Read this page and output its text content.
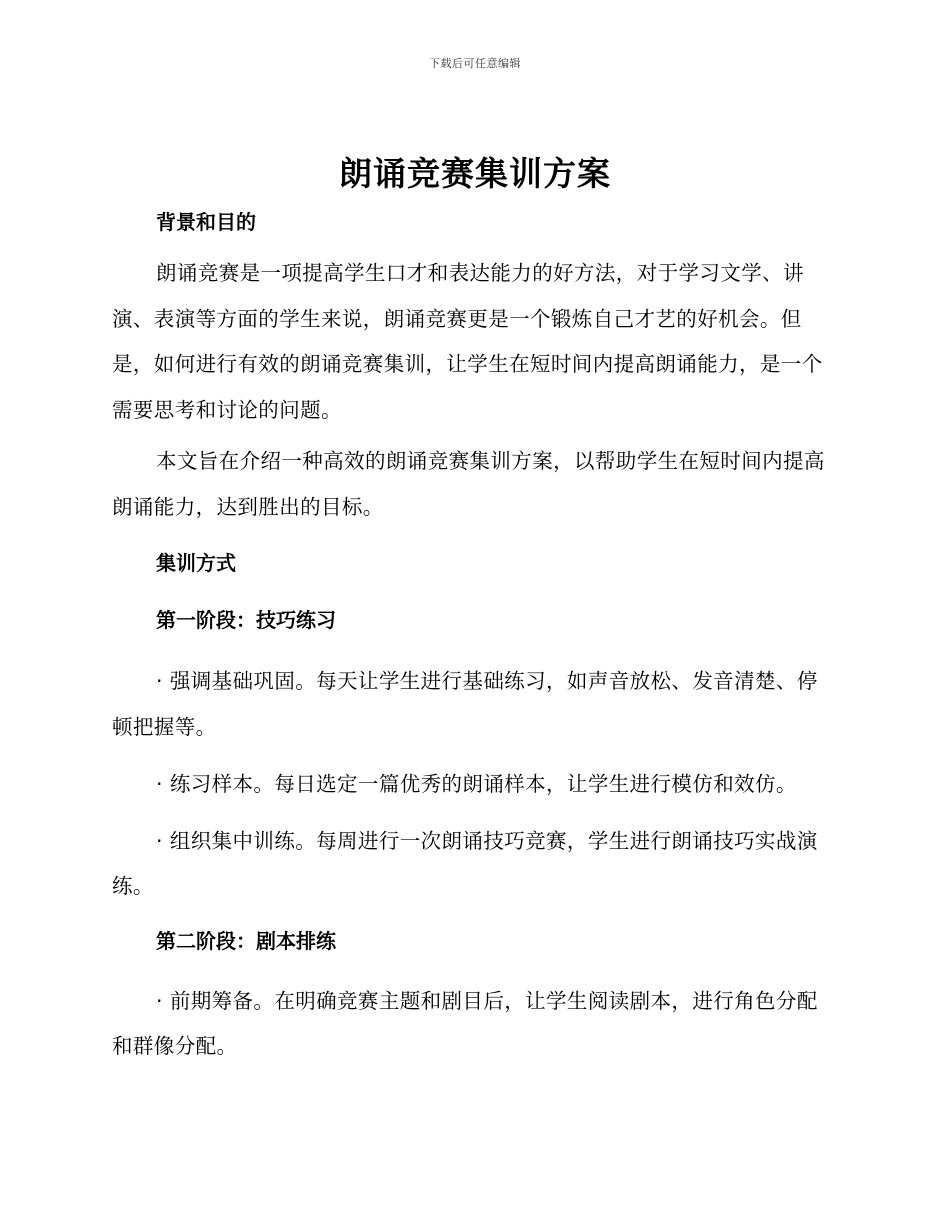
下载后可任意编辑
朗诵竞赛集训方案

背景和目的

朗诵竞赛是一项提高学生口才和表达能力的好方法，对于学习文学、讲演、表演等方面的学生来说，朗诵竞赛更是一个锻炼自己才艺的好机会。但是，如何进行有效的朗诵竞赛集训，让学生在短时间内提高朗诵能力，是一个需要思考和讨论的问题。

本文旨在介绍一种高效的朗诵竞赛集训方案，以帮助学生在短时间内提高朗诵能力，达到胜出的目标。

集训方式

第一阶段：技巧练习

· 强调基础巩固。每天让学生进行基础练习，如声音放松、发音清楚、停顿把握等。

· 练习样本。每日选定一篇优秀的朗诵样本，让学生进行模仿和效仿。

· 组织集中训练。每周进行一次朗诵技巧竞赛，学生进行朗诵技巧实战演练。

第二阶段：剧本排练

· 前期筹备。在明确竞赛主题和剧目后，让学生阅读剧本，进行角色分配和群像分配。
